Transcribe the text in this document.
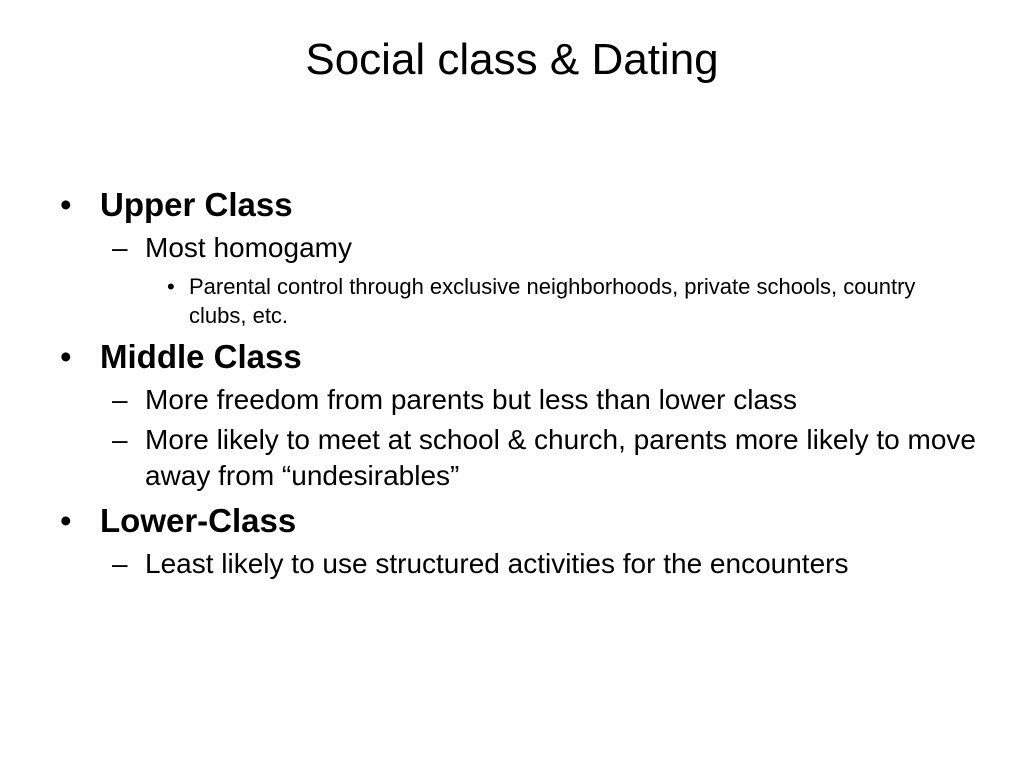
Social class & Dating
• Upper Class
– Most homogamy
• Parental control through exclusive neighborhoods, private schools, country clubs, etc.
• Middle Class
– More freedom from parents but less than lower class
– More likely to meet at school & church, parents more likely to move away from “undesirables”
• Lower-Class
– Least likely to use structured activities for the encounters
